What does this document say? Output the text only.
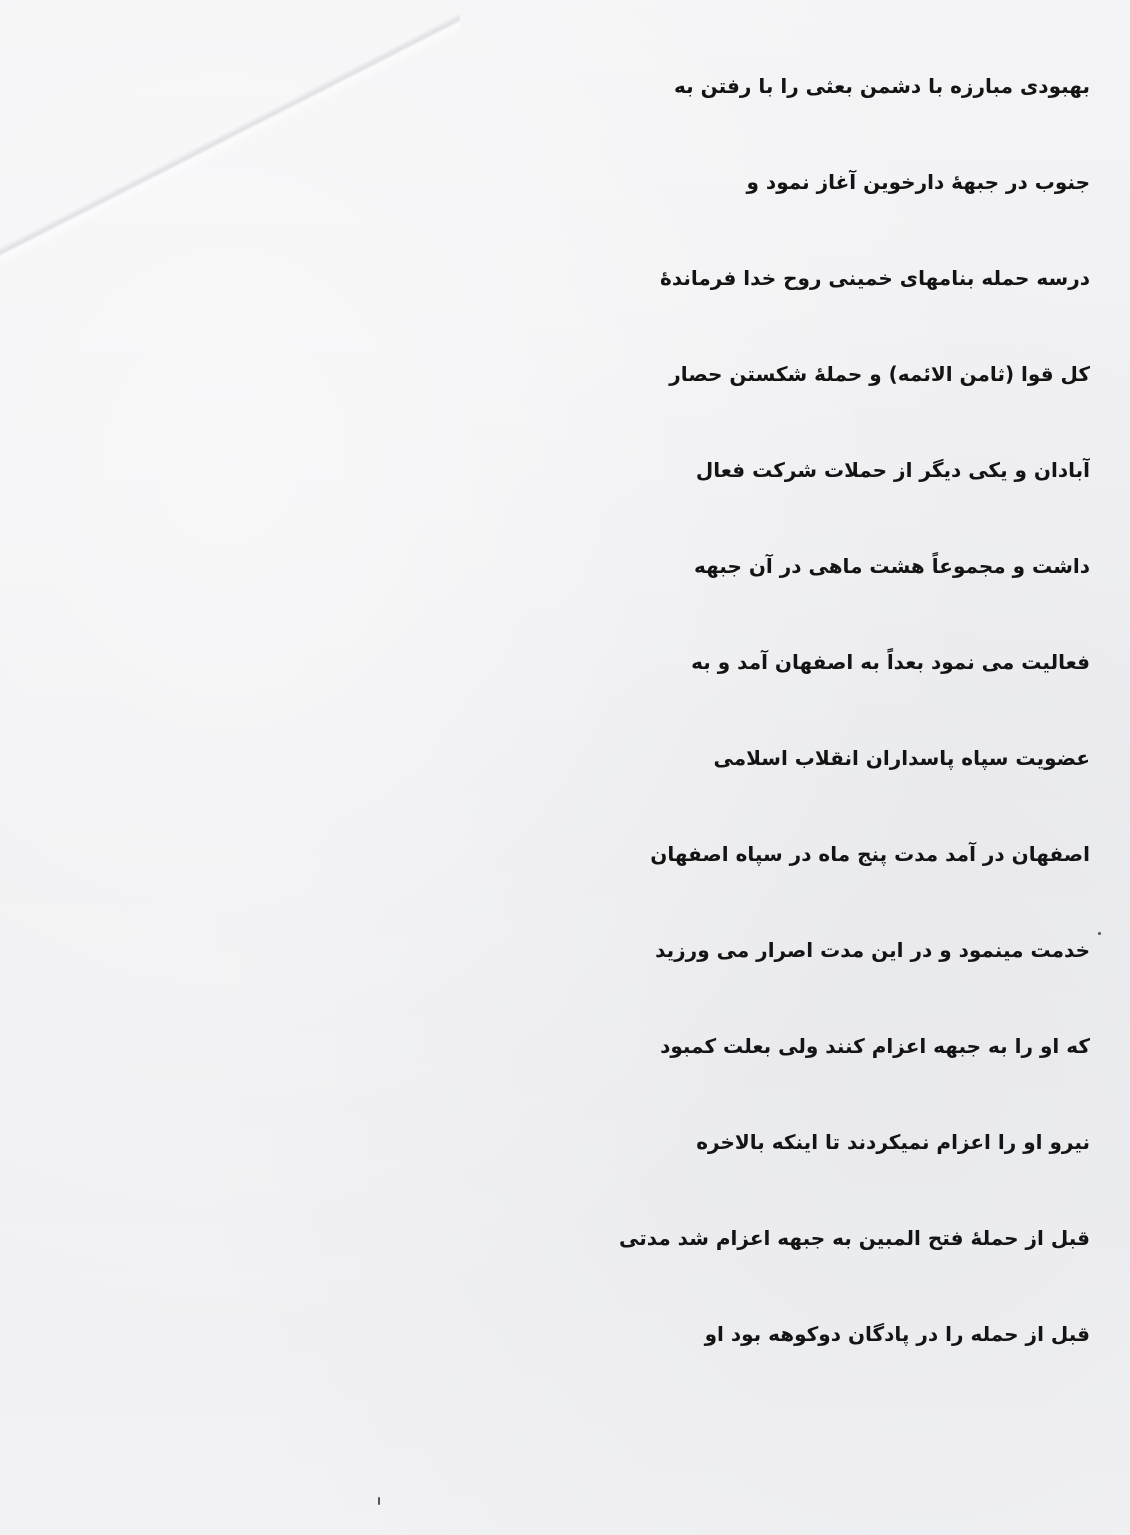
بهبودی مبارزه با دشمن بعثی را با رفتن به
جنوب در جبههٔ دارخوین آغاز نمود و
درسه حمله بنامهای خمینی روح خدا فرماندهٔ
کل قوا (ثامن الائمه) و حملهٔ شکستن حصار
آبادان و یکی دیگر از حملات شرکت فعال
داشت و مجموعاً هشت ماهی در آن جبهه
فعالیت می نمود بعداً به اصفهان آمد و به
عضویت سپاه پاسداران انقلاب اسلامی
اصفهان در آمد مدت پنج ماه در سپاه اصفهان
خدمت مینمود و در این مدت اصرار می ورزید
که او را به جبهه اعزام کنند ولی بعلت کمبود
نیرو او را اعزام نمیکردند تا اینکه بالاخره
قبل از حملهٔ فتح المبین به جبهه اعزام شد مدتی
قبل از حمله را در پادگان دوکوهه بود او
